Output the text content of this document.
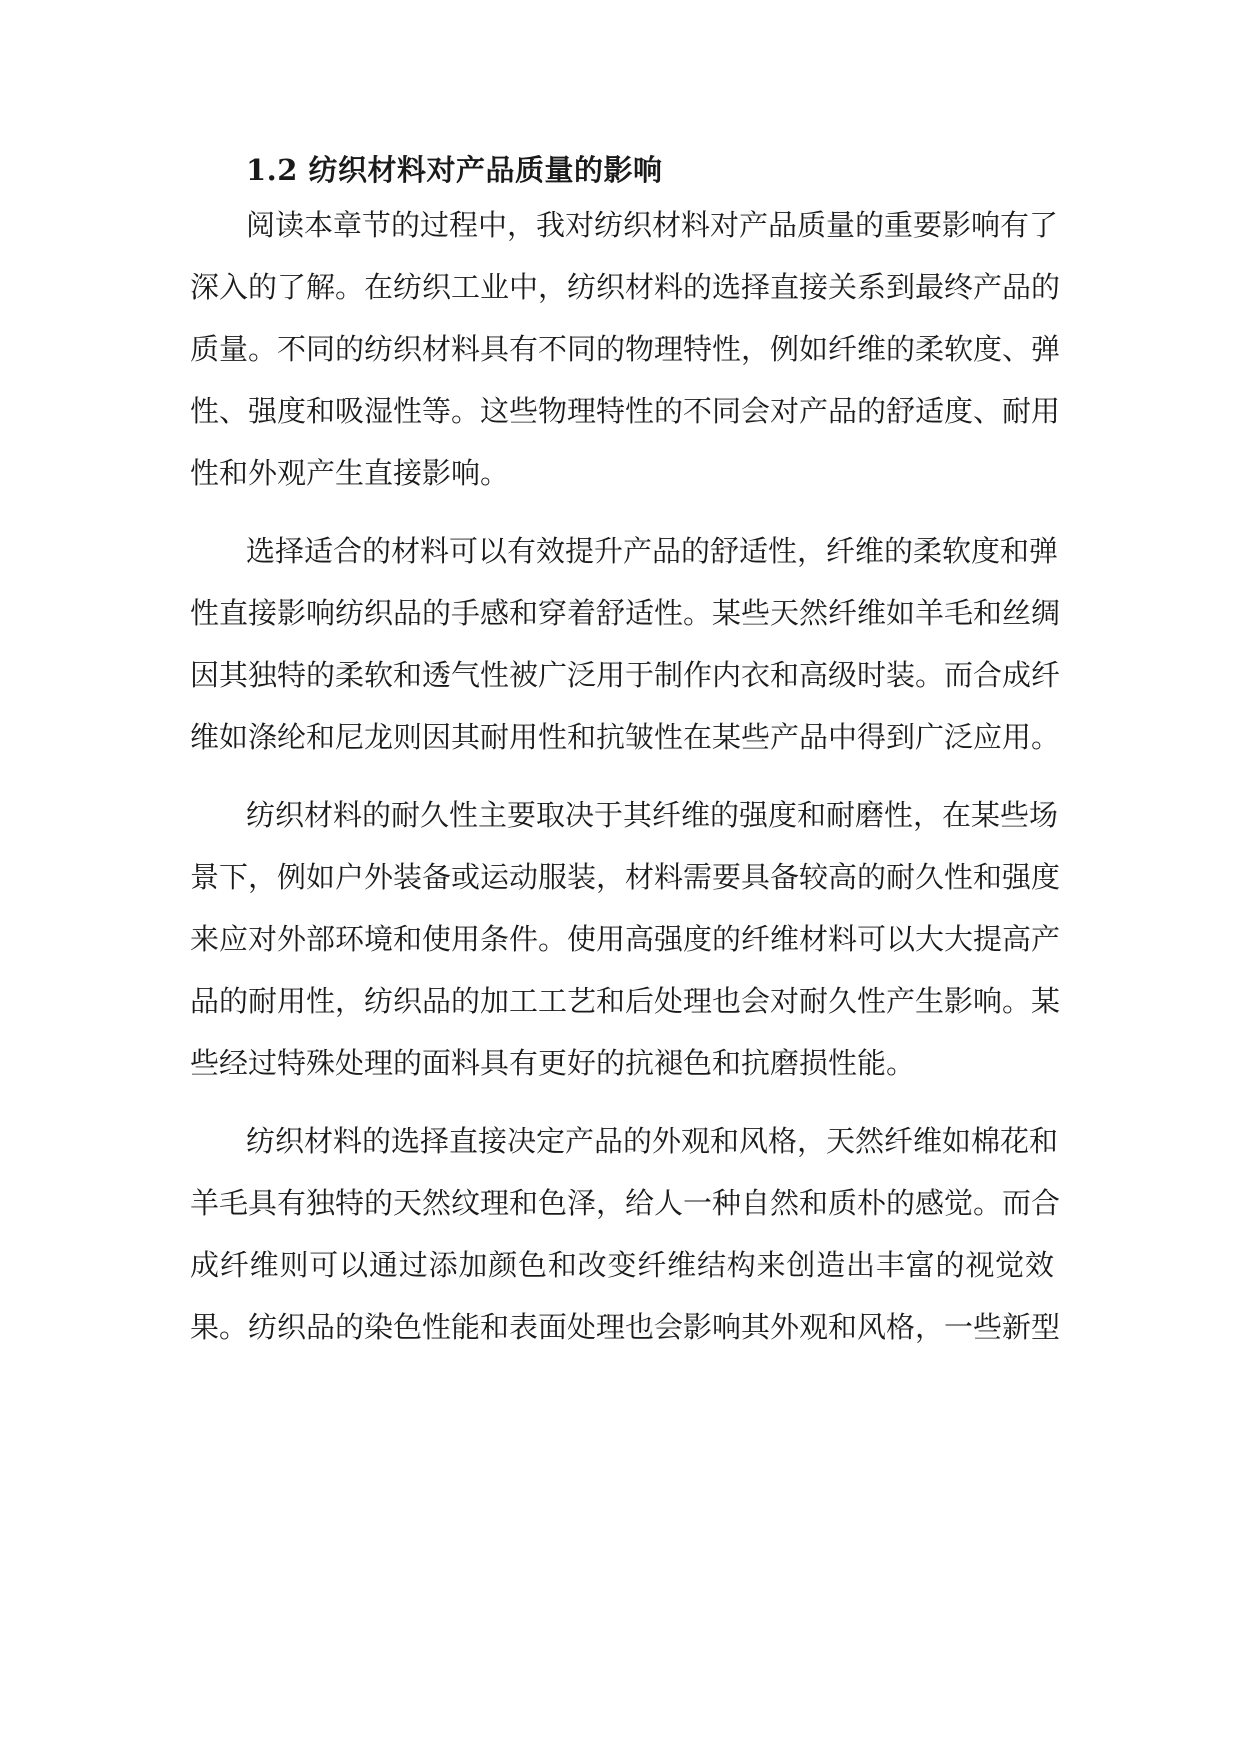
1.2 纺织材料对产品质量的影响
阅读本章节的过程中，我对纺织材料对产品质量的重要影响有了
深入的了解。在纺织工业中，纺织材料的选择直接关系到最终产品的
质量。不同的纺织材料具有不同的物理特性，例如纤维的柔软度、弹
性、强度和吸湿性等。这些物理特性的不同会对产品的舒适度、耐用
性和外观产生直接影响。
选择适合的材料可以有效提升产品的舒适性，纤维的柔软度和弹
性直接影响纺织品的手感和穿着舒适性。某些天然纤维如羊毛和丝绸
因其独特的柔软和透气性被广泛用于制作内衣和高级时装。而合成纤
维如涤纶和尼龙则因其耐用性和抗皱性在某些产品中得到广泛应用。
纺织材料的耐久性主要取决于其纤维的强度和耐磨性，在某些场
景下，例如户外装备或运动服装，材料需要具备较高的耐久性和强度
来应对外部环境和使用条件。使用高强度的纤维材料可以大大提高产
品的耐用性，纺织品的加工工艺和后处理也会对耐久性产生影响。某
些经过特殊处理的面料具有更好的抗褪色和抗磨损性能。
纺织材料的选择直接决定产品的外观和风格，天然纤维如棉花和
羊毛具有独特的天然纹理和色泽，给人一种自然和质朴的感觉。而合
成纤维则可以通过添加颜色和改变纤维结构来创造出丰富的视觉效
果。纺织品的染色性能和表面处理也会影响其外观和风格，一些新型
